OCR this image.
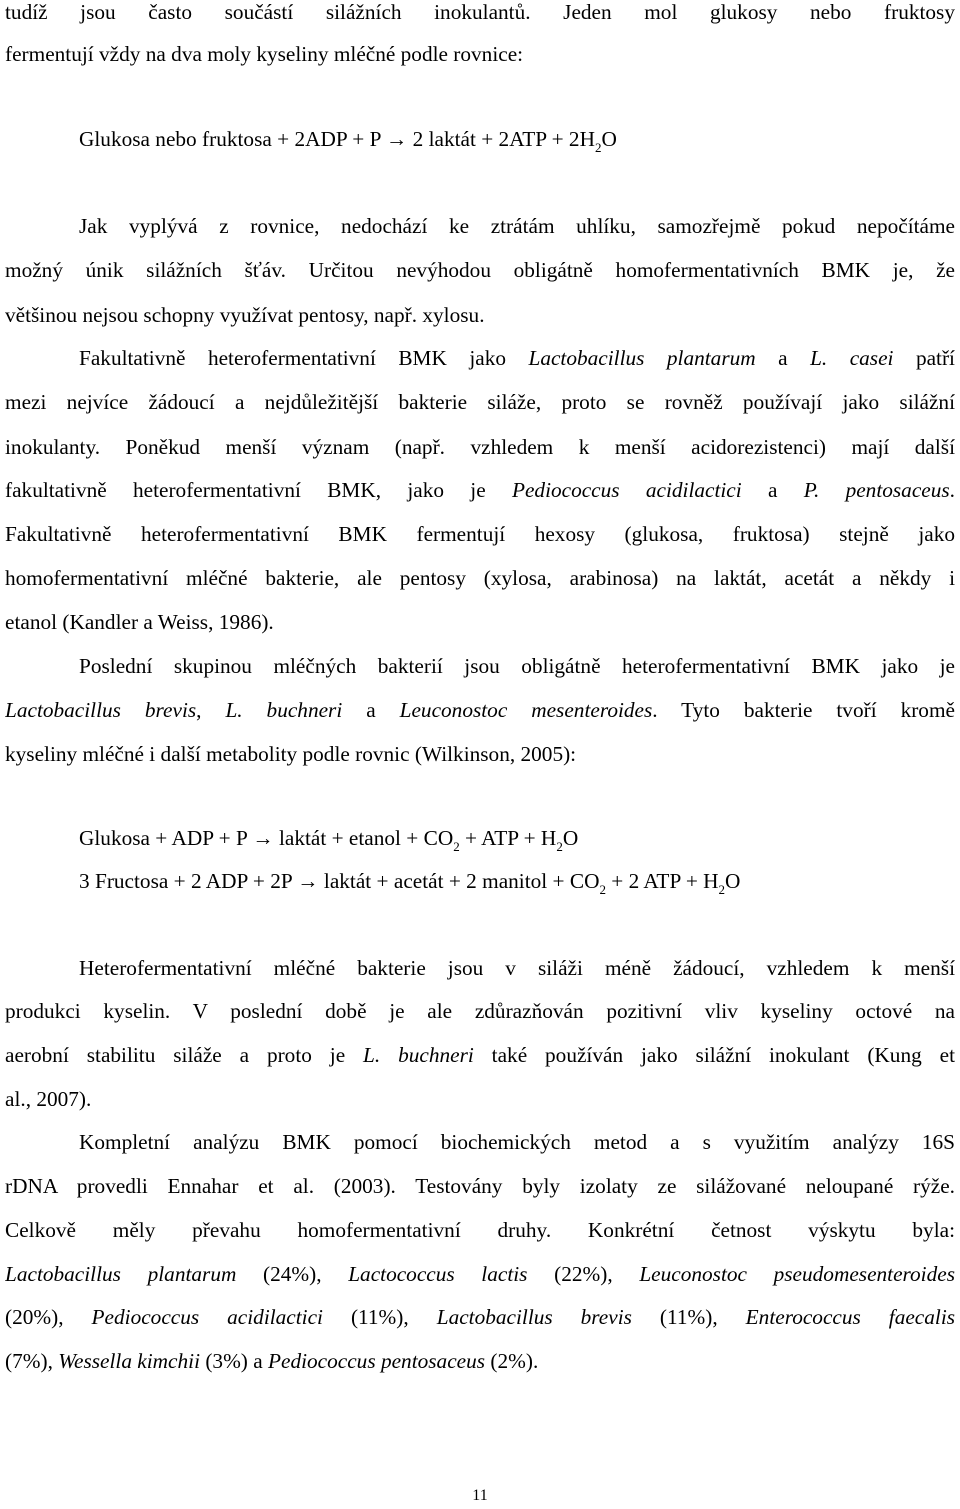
tudíž jsou často součástí silážních inokulantů. Jeden mol glukosy nebo fruktosy
fermentují vždy na dva moly kyseliny mléčné podle rovnice:
Glukosa nebo fruktosa + 2ADP + P → 2 laktát + $2ATP + 2H_2O$
Jak vyplývá z rovnice, nedochází ke ztrátám uhlíku, samozřejmě pokud nepočítáme
možný únik silážních šťáv. Určitou nevýhodou obligátně homofermentativních BMK je, že
většinou nejsou schopny využívat pentosy, např. xylosu.
Fakultativně heterofermentativní BMK jako Lactobacillus plantarum a L. casei patří
mezi nejvíce žádoucí a nejdůležitější bakterie siláže, proto se rovněž používají jako silážní
inokulanty. Poněkud menší význam (např. vzhledem k menší acidorezistenci) mají další
fakultativně heterofermentativní BMK, jako je Pediococcus acidilactici a P. pentosaceus.
Fakultativně heterofermentativní BMK fermentují hexosy (glukosa, fruktosa) stejně jako
homofermentativní mléčné bakterie, ale pentosy (xylosa, arabinosa) na laktát, acetát a někdy i
etanol (Kandler a Weiss, 1986).
Poslední skupinou mléčných bakterií jsou obligátně heterofermentativní BMK jako je
Lactobacillus brevis, L. buchneri a Leuconostoc mesenteroides. Tyto bakterie tvoří kromě
kyseliny mléčné i další metabolity podle rovnic (Wilkinson, 2005):
Glukosa + ADP + P → laktát + etanol + $CO_2$ + ATP + $H_2O$
3 Fructosa + 2 ADP + 2P → laktát + acetát + 2 manitol + $CO_2 + 2$ ATP + $H_2O$
Heterofermentativní mléčné bakterie jsou v siláži méně žádoucí, vzhledem k menší
produkci kyselin. V poslední době je ale zdůrazňován pozitivní vliv kyseliny octové na
aerobní stabilitu siláže a proto je L. buchneri také používán jako silážní inokulant (Kung et
al., 2007).
Kompletní analýzu BMK pomocí biochemických metod a s využitím analýzy 16S
rDNA provedli Ennahar et al. (2003). Testovány byly izolaty ze silážované neloupané rýže.
Celkově měly převahu homofermentativní druhy. Konkrétní četnost výskytu byla:
Lactobacillus plantarum (24%), Lactococcus lactis (22%), Leuconostoc pseudomesenteroides
(20%), Pediococcus acidilactici (11%), Lactobacillus brevis (11%), Enterococcus faecalis
(7%), Wessella kimchii (3%) a Pediococcus pentosaceus (2%).
11
